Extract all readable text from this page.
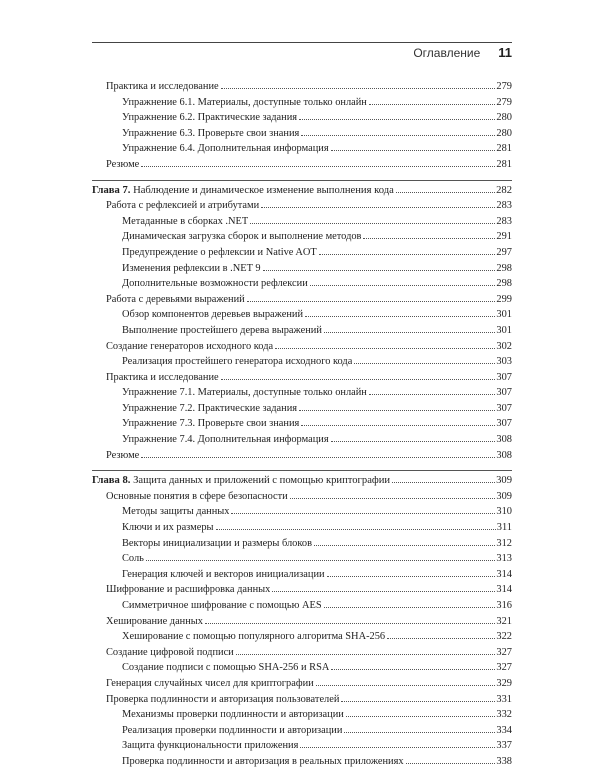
Оглавление 11
Практика и исследование	279
Упражнение 6.1. Материалы, доступные только онлайн	279
Упражнение 6.2. Практические задания	280
Упражнение 6.3. Проверьте свои знания	280
Упражнение 6.4. Дополнительная информация	281
Резюме	281
Глава 7. Наблюдение и динамическое изменение выполнения кода	282
Работа с рефлексией и атрибутами	283
Метаданные в сборках .NET	283
Динамическая загрузка сборок и выполнение методов	291
Предупреждение о рефлексии и Native AOT	297
Изменения рефлексии в .NET 9	298
Дополнительные возможности рефлексии	298
Работа с деревьями выражений	299
Обзор компонентов деревьев выражений	301
Выполнение простейшего дерева выражений	301
Создание генераторов исходного кода	302
Реализация простейшего генератора исходного кода	303
Практика и исследование	307
Упражнение 7.1. Материалы, доступные только онлайн	307
Упражнение 7.2. Практические задания	307
Упражнение 7.3. Проверьте свои знания	307
Упражнение 7.4. Дополнительная информация	308
Резюме	308
Глава 8. Защита данных и приложений с помощью криптографии	309
Основные понятия в сфере безопасности	309
Методы защиты данных	310
Ключи и их размеры	311
Векторы инициализации и размеры блоков	312
Соль	313
Генерация ключей и векторов инициализации	314
Шифрование и расшифровка данных	314
Симметричное шифрование с помощью AES	316
Хеширование данных	321
Хеширование с помощью популярного алгоритма SHA-256	322
Создание цифровой подписи	327
Создание подписи с помощью SHA-256 и RSA	327
Генерация случайных чисел для криптографии	329
Проверка подлинности и авторизация пользователей	331
Механизмы проверки подлинности и авторизации	332
Реализация проверки подлинности и авторизации	334
Защита функциональности приложения	337
Проверка подлинности и авторизация в реальных приложениях	338
